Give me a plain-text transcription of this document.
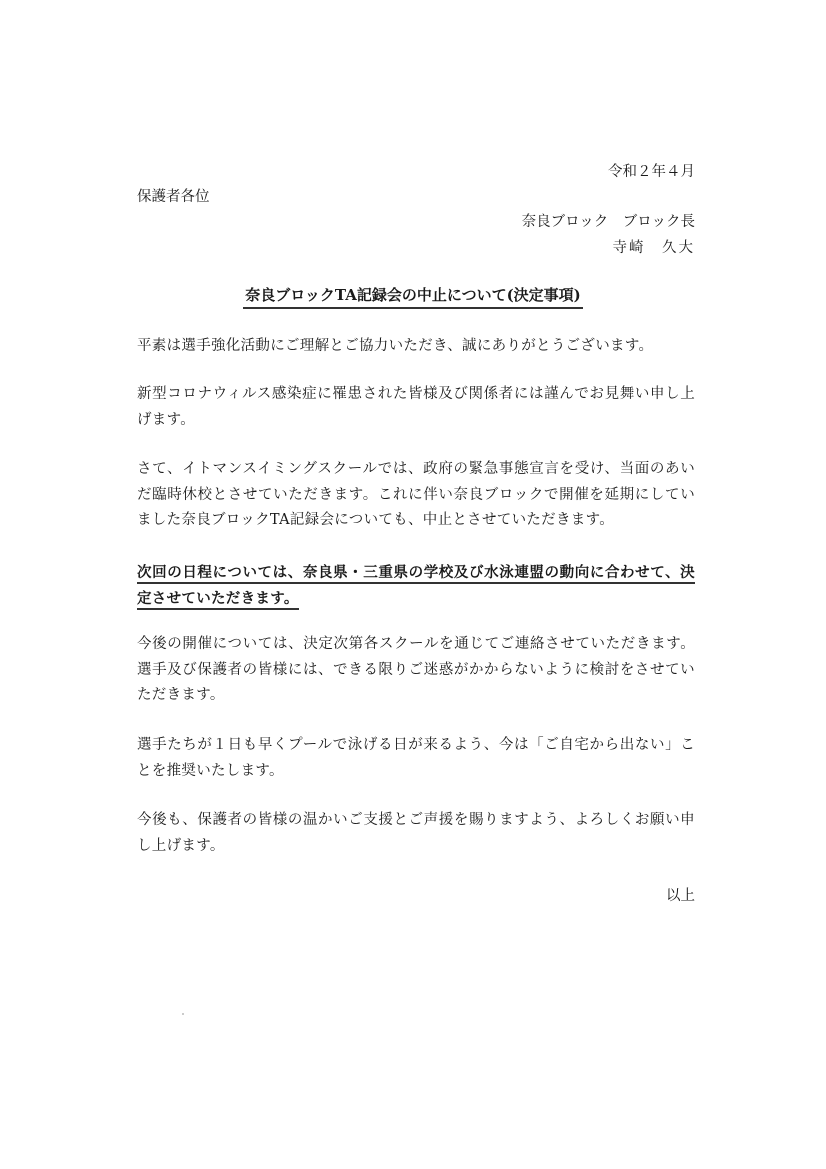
令和２年４月
保護者各位
奈良ブロック　ブロック長
寺崎　久大
奈良ブロックTA記録会の中止について(決定事項)
平素は選手強化活動にご理解とご協力いただき、誠にありがとうございます。
新型コロナウィルス感染症に罹患された皆様及び関係者には謹んでお見舞い申し上げます。
さて、イトマンスイミングスクールでは、政府の緊急事態宣言を受け、当面のあいだ臨時休校とさせていただきます。これに伴い奈良ブロックで開催を延期にしていました奈良ブロックTA記録会についても、中止とさせていただきます。
次回の日程については、奈良県・三重県の学校及び水泳連盟の動向に合わせて、決定させていただきます。
今後の開催については、決定次第各スクールを通じてご連絡させていただきます。選手及び保護者の皆様には、できる限りご迷惑がかからないように検討をさせていただきます。
選手たちが１日も早くプールで泳げる日が来るよう、今は「ご自宅から出ない」ことを推奨いたします。
今後も、保護者の皆様の温かいご支援とご声援を賜りますよう、よろしくお願い申し上げます。
以上
